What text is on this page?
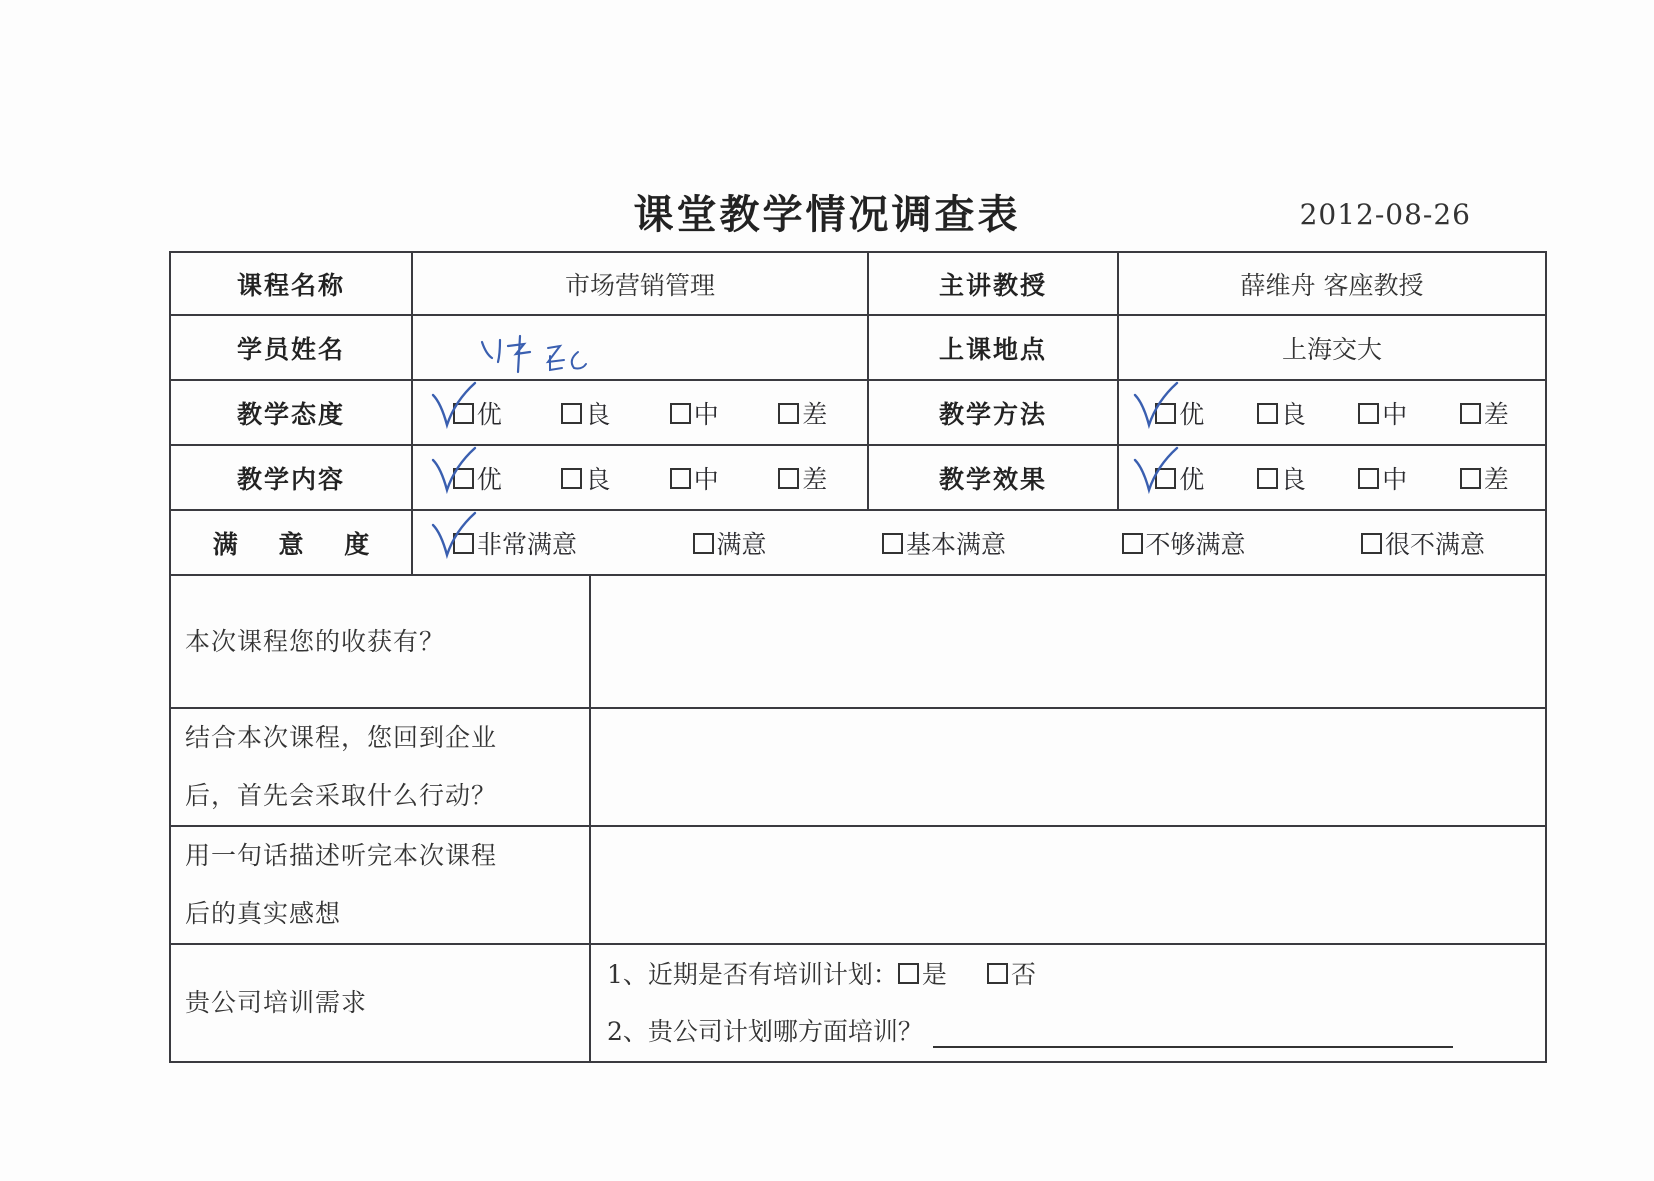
课堂教学情况调查表	2012-08-26
课程名称	市场营销管理		主讲教授	薛维舟 客座教授
学员姓名			上课地点	上海交大
教学态度	优 良 中 差		教学方法	优 良 中 差

教学内容	优 良 中 差		教学效果	优 良 中 差

满 意 度	非常满意 满意 基本满意 不够满意 很不满意			

本次课程您的收获有？				

结合本次课程，您回到企业
后，首先会采取什么行动？				

用一句话描述听完本次课程
后的真实感想				

贵公司培训需求		1、近期是否有培训计划： 是 否
2、贵公司计划哪方面培训？		
